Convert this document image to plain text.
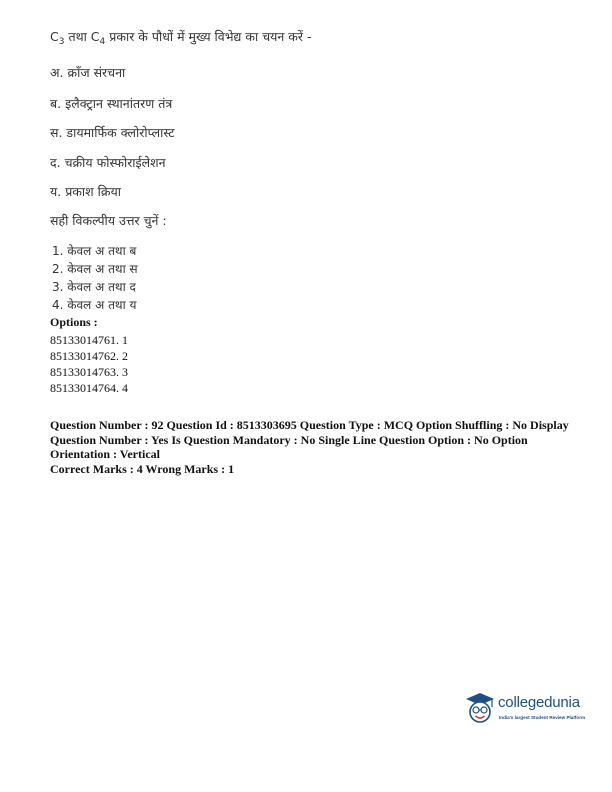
$C_3$ तथा $C_4$ प्रकार के पौधों में मुख्य विभेद्य का चयन करें -
अ. क्रॉंज संरचना
ब. इलैक्ट्रान स्थानांतरण तंत्र
स. डायमार्फिक क्लोरोप्लास्ट
द. चक्रीय फोस्फोराईलेशन
य. प्रकाश क्रिया
सही विकल्पीय उत्तर चुनें :
1. केवल अ तथा ब
2. केवल अ तथा स
3. केवल अ तथा द
4. केवल अ तथा य
Options :
85133014761. 1
85133014762. 2
85133014763. 3
85133014764. 4
Question Number : 92 Question Id : 8513303695 Question Type : MCQ Option Shuffling : No Display Question Number : Yes Is Question Mandatory : No Single Line Question Option : No Option Orientation : Vertical
Correct Marks : 4 Wrong Marks : 1
collegedunia
India's largest Student Review Platform
